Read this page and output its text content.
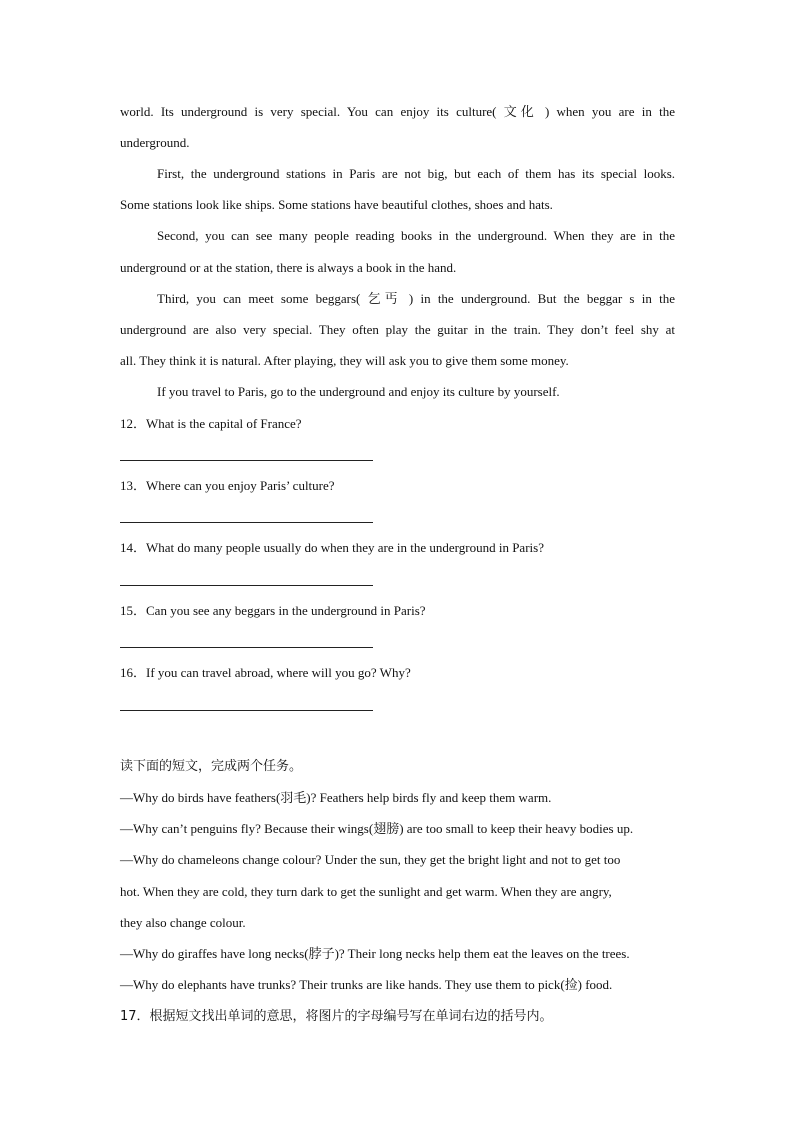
world. Its underground is very special. You can enjoy its culture( 文化 ) when you are in the
underground.
First, the underground stations in Paris are not big, but each of them has its special looks.
Some stations look like ships. Some stations have beautiful clothes, shoes and hats.
Second, you can see many people reading books in the underground. When they are in the
underground or at the station, there is always a book in the hand.
Third, you can meet some beggars( 乞丐 ) in the underground. But the beggar s in the
underground are also very special. They often play the guitar in the train. They don’t feel shy at
all. They think it is natural. After playing, they will ask you to give them some money.
If you travel to Paris, go to the underground and enjoy its culture by yourself.
12．What is the capital of France?
13．Where can you enjoy Paris’ culture?
14．What do many people usually do when they are in the underground in Paris?
15．Can you see any beggars in the underground in Paris?
16．If you can travel abroad, where will you go? Why?
读下面的短文，完成两个任务。
—Why do birds have feathers(羽毛)? Feathers help birds fly and keep them warm.
—Why can’t penguins fly? Because their wings(翅膀) are too small to keep their heavy bodies up.
—Why do chameleons change colour? Under the sun, they get the bright light and not to get too
hot. When they are cold, they turn dark to get the sunlight and get warm. When they are angry,
they also change colour.
—Why do giraffes have long necks(脖子)? Their long necks help them eat the leaves on the trees.
—Why do elephants have trunks? Their trunks are like hands. They use them to pick(捡) food.
17．根据短文找出单词的意思，将图片的字母编号写在单词右边的括号内。
